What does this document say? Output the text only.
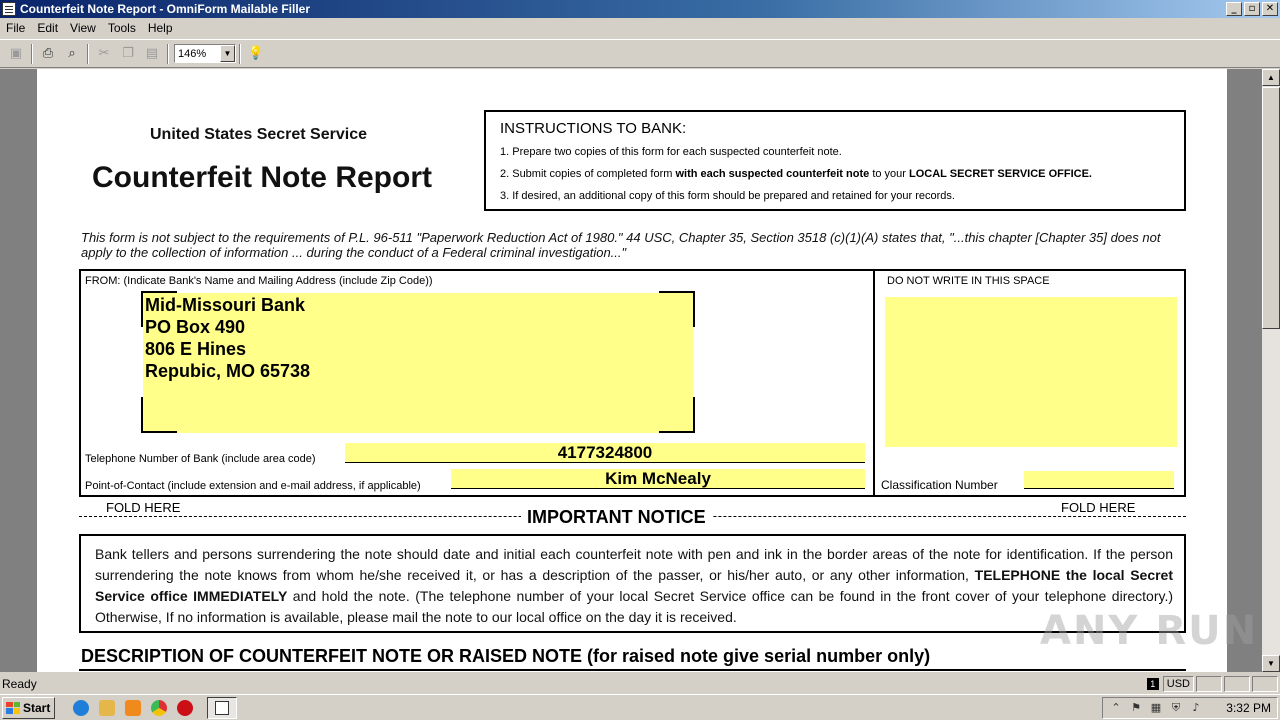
Counterfeit Note Report - OmniForm Mailable Filler	_	▫	✕
File	Edit	View	Tools	Help
▣	⎙	⌕	✂ ❐ ▤	146%	▼ 💡
United States Secret Service
Counterfeit Note Report
INSTRUCTIONS TO BANK:
1. Prepare two copies of this form for each suspected counterfeit note.
2. Submit copies of completed form with each suspected counterfeit note to your LOCAL SECRET SERVICE OFFICE.
3. If desired, an additional copy of this form should be prepared and retained for your records.
This form is not subject to the requirements of P.L. 96-511 "Paperwork Reduction Act of 1980." 44 USC, Chapter 35, Section 3518 (c)(1)(A) states that, "...this chapter [Chapter 35] does not apply to the collection of information ... during the conduct of a Federal criminal investigation..."
FROM: (Indicate Bank's Name and Mailing Address (include Zip Code))
Mid-Missouri Bank
PO Box 490
806 E Hines
Repubic, MO 65738
Telephone Number of Bank (include area code)	4177324800
Point-of-Contact (include extension and e-mail address, if applicable)	Kim McNealy
DO NOT WRITE IN THIS SPACE
Classification Number
FOLD HERE	FOLD HERE
IMPORTANT NOTICE
Bank tellers and persons surrendering the note should date and initial each counterfeit note with pen and ink in the border areas of the note for identification. If the person surrendering the note knows from whom he/she received it, or has a description of the passer, or his/her auto, or any other information, TELEPHONE the local Secret Service office IMMEDIATELY and hold the note. (The telephone number of your local Secret Service office can be found in the front cover of your telephone directory.) Otherwise, If no information is available, please mail the note to our local office on the day it is received.
DESCRIPTION OF COUNTERFEIT NOTE OR RAISED NOTE (for raised note give serial number only)
ANY RUN
▲
▼
Ready	1	USD
Start	⌃ ⚑ ▦ ⛨	♪ 3:32 PM
